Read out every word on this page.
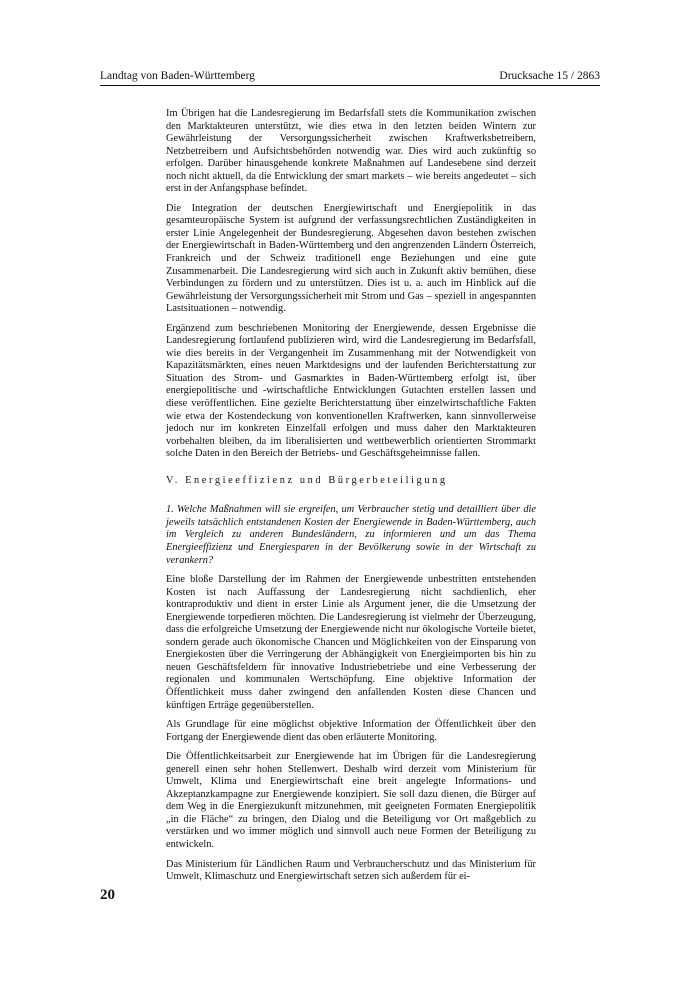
Landtag von Baden-Württemberg	Drucksache 15 / 2863

Im Übrigen hat die Landesregierung im Bedarfsfall stets die Kommunikation zwischen den Marktakteuren unterstützt, wie dies etwa in den letzten beiden Wintern zur Gewährleistung der Versorgungssicherheit zwischen Kraftwerksbetreibern, Netzbetreibern und Aufsichtsbehörden notwendig war. Dies wird auch zukünftig so erfolgen. Darüber hinausgehende konkrete Maßnahmen auf Landesebene sind derzeit noch nicht aktuell, da die Entwicklung der smart markets – wie bereits angedeutet – sich erst in der Anfangsphase befindet.

Die Integration der deutschen Energiewirtschaft und Energiepolitik in das gesamteuropäische System ist aufgrund der verfassungsrechtlichen Zuständigkeiten in erster Linie Angelegenheit der Bundesregierung. Abgesehen davon bestehen zwischen der Energiewirtschaft in Baden-Württemberg und den angrenzenden Ländern Österreich, Frankreich und der Schweiz traditionell enge Beziehungen und eine gute Zusammenarbeit. Die Landesregierung wird sich auch in Zukunft aktiv bemühen, diese Verbindungen zu fördern und zu unterstützen. Dies ist u. a. auch im Hinblick auf die Gewährleistung der Versorgungssicherheit mit Strom und Gas – speziell in angespannten Lastsituationen – notwendig.

Ergänzend zum beschriebenen Monitoring der Energiewende, dessen Ergebnisse die Landesregierung fortlaufend publizieren wird, wird die Landesregierung im Bedarfsfall, wie dies bereits in der Vergangenheit im Zusammenhang mit der Notwendigkeit von Kapazitätsmärkten, eines neuen Marktdesigns und der laufenden Berichterstattung zur Situation des Strom- und Gasmarktes in Baden-Württemberg erfolgt ist, über energiepolitische und -wirtschaftliche Entwicklungen Gutachten erstellen lassen und diese veröffentlichen. Eine gezielte Berichterstattung über einzelwirtschaftliche Fakten wie etwa der Kostendeckung von konventionellen Kraftwerken, kann sinnvollerweise jedoch nur im konkreten Einzelfall erfolgen und muss daher den Marktakteuren vorbehalten bleiben, da im liberalisierten und wettbewerblich orientierten Strommarkt solche Daten in den Bereich der Betriebs- und Geschäftsgeheimnisse fallen.

V. Energieeffizienz und Bürgerbeteiligung

1. Welche Maßnahmen will sie ergreifen, um Verbraucher stetig und detailliert über die jeweils tatsächlich entstandenen Kosten der Energiewende in Baden-Württemberg, auch im Vergleich zu anderen Bundesländern, zu informieren und um das Thema Energieeffizienz und Energiesparen in der Bevölkerung sowie in der Wirtschaft zu verankern?

Eine bloße Darstellung der im Rahmen der Energiewende unbestritten entstehenden Kosten ist nach Auffassung der Landesregierung nicht sachdienlich, eher kontraproduktiv und dient in erster Linie als Argument jener, die die Umsetzung der Energiewende torpedieren möchten. Die Landesregierung ist vielmehr der Überzeugung, dass die erfolgreiche Umsetzung der Energiewende nicht nur ökologische Vorteile bietet, sondern gerade auch ökonomische Chancen und Möglichkeiten von der Einsparung von Energiekosten über die Verringerung der Abhängigkeit von Energieimporten bis hin zu neuen Geschäftsfeldern für innovative Industriebetriebe und eine Verbesserung der regionalen und kommunalen Wertschöpfung. Eine objektive Information der Öffentlichkeit muss daher zwingend den anfallenden Kosten diese Chancen und künftigen Erträge gegenüberstellen.

Als Grundlage für eine möglichst objektive Information der Öffentlichkeit über den Fortgang der Energiewende dient das oben erläuterte Monitoring.

Die Öffentlichkeitsarbeit zur Energiewende hat im Übrigen für die Landesregierung generell einen sehr hohen Stellenwert. Deshalb wird derzeit vom Ministerium für Umwelt, Klima und Energiewirtschaft eine breit angelegte Informations- und Akzeptanzkampagne zur Energiewende konzipiert. Sie soll dazu dienen, die Bürger auf dem Weg in die Energiezukunft mitzunehmen, mit geeigneten Formaten Energiepolitik „in die Fläche“ zu bringen, den Dialog und die Beteiligung vor Ort maßgeblich zu verstärken und wo immer möglich und sinnvoll auch neue Formen der Beteiligung zu entwickeln.

Das Ministerium für Ländlichen Raum und Verbraucherschutz und das Ministerium für Umwelt, Klimaschutz und Energiewirtschaft setzen sich außerdem für ei-

20
